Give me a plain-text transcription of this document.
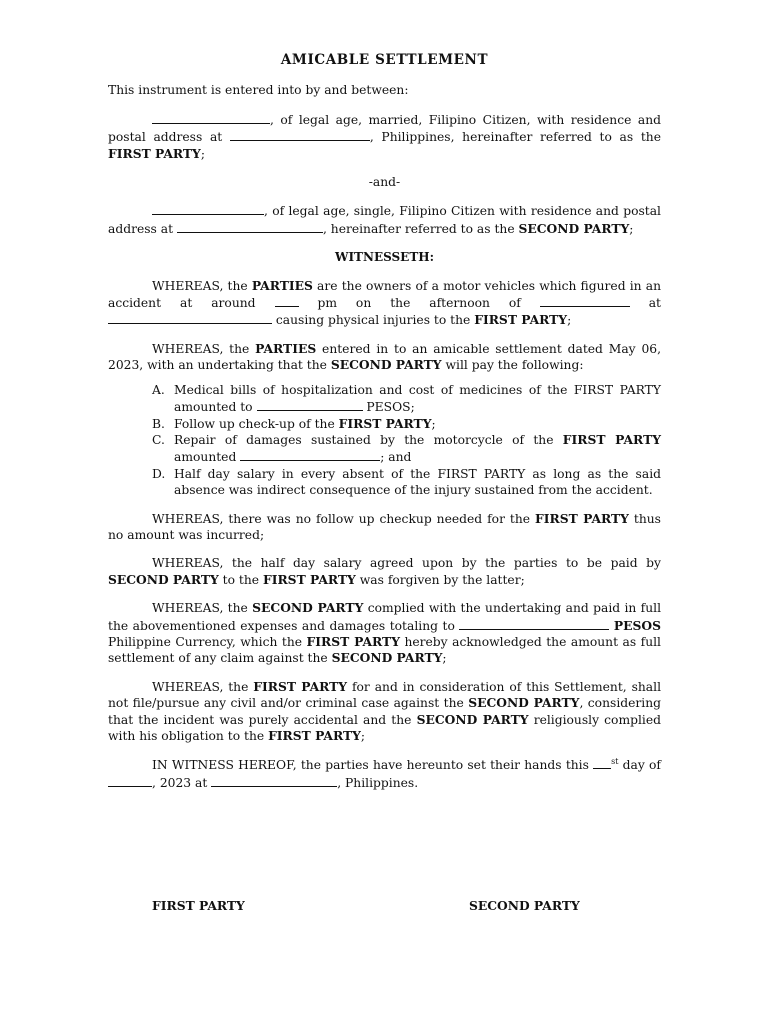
AMICABLE SETTLEMENT

This instrument is entered into by and between:

, of legal age, married, Filipino Citizen, with residence and postal address at	, Philippines, hereinafter referred to as the FIRST PARTY;

-and-

, of legal age, single, Filipino Citizen with residence and postal address at	, hereinafter referred to as the SECOND PARTY;

WITNESSETH:

WHEREAS, the PARTIES are the owners of a motor vehicles which figured in an accident at around  pm on the afternoon of	at  causing physical injuries to the FIRST PARTY;

WHEREAS, the PARTIES entered in to an amicable settlement dated May 06, 2023, with an undertaking that the SECOND PARTY will pay the following:

A. Medical bills of hospitalization and cost of medicines of the FIRST PARTY amounted to	PESOS;
B. Follow up check-up of the FIRST PARTY;
C. Repair of damages sustained by the motorcycle of the FIRST PARTY amounted	; and
D. Half day salary in every absent of the FIRST PARTY as long as the said absence was indirect consequence of the injury sustained from the accident.

WHEREAS, there was no follow up checkup needed for the FIRST PARTY thus no amount was incurred;

WHEREAS, the half day salary agreed upon by the parties to be paid by SECOND PARTY to the FIRST PARTY was forgiven by the latter;

WHEREAS, the SECOND PARTY complied with the undertaking and paid in full the abovementioned expenses and damages totaling to	PESOS Philippine Currency, which the FIRST PARTY hereby acknowledged the amount as full settlement of any claim against the SECOND PARTY;

WHEREAS, the FIRST PARTY for and in consideration of this Settlement, shall not file/pursue any civil and/or criminal case against the SECOND PARTY, considering that the incident was purely accidental and the SECOND PARTY religiously complied with his obligation to the FIRST PARTY;

IN WITNESS HEREOF, the parties have hereunto set their hands this $^{st}$ day of , 2023 at	, Philippines.

FIRST PARTY	SECOND PARTY
